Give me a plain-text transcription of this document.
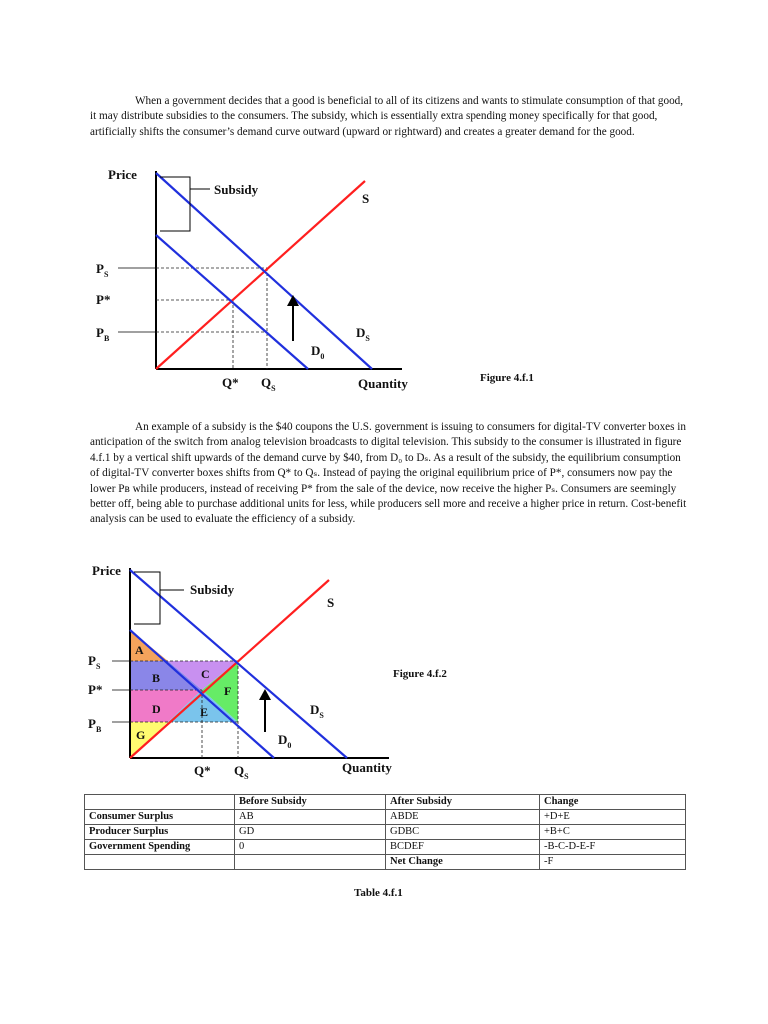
When a government decides that a good is beneficial to all of its citizens and wants to stimulate consumption of that good, it may distribute subsidies to the consumers. The subsidy, which is essentially extra spending money specifically for that good, artificially shifts the consumer’s demand curve outward (upward or rightward) and creates a greater demand for the good.

Price
Subsidy
S
$D_S$
$D_0$
$P_S$
P*
$P_B$
Q* $Q_S$	Quantity	Figure 4.f.1

An example of a subsidy is the $40 coupons the U.S. government is issuing to consumers for digital-TV converter boxes in anticipation of the switch from analog television broadcasts to digital television. This subsidy to the consumer is illustrated in figure 4.f.1 by a vertical shift upwards of the demand curve by $40, from D₀ to Dₛ. As a result of the subsidy, the equilibrium consumption of digital-TV converter boxes shifts from Q* to Qₛ. Instead of paying the original equilibrium price of P*, consumers now pay the lower Pʙ while producers, instead of receiving P* from the sale of the device, now receive the higher Pₛ. Consumers are seemingly better off, being able to purchase additional units for less, while producers sell more and receive a higher price in return. Cost-benefit analysis can be used to evaluate the efficiency of a subsidy.

A
B	C
D	E
F
G
Price
Subsidy
S
$D_S$
$D_0$
$P_S$
P*
$P_B$
Q* $Q_S$
Quantity

Figure 4.f.2

	Before Subsidy	After Subsidy	Change
Consumer Surplus	AB	ABDE	+D+E
Producer Surplus	GD	GDBC	+B+C
Government Spending	0	BCDEF	-B-C-D-E-F
		Net Change	-F

Table 4.f.1
